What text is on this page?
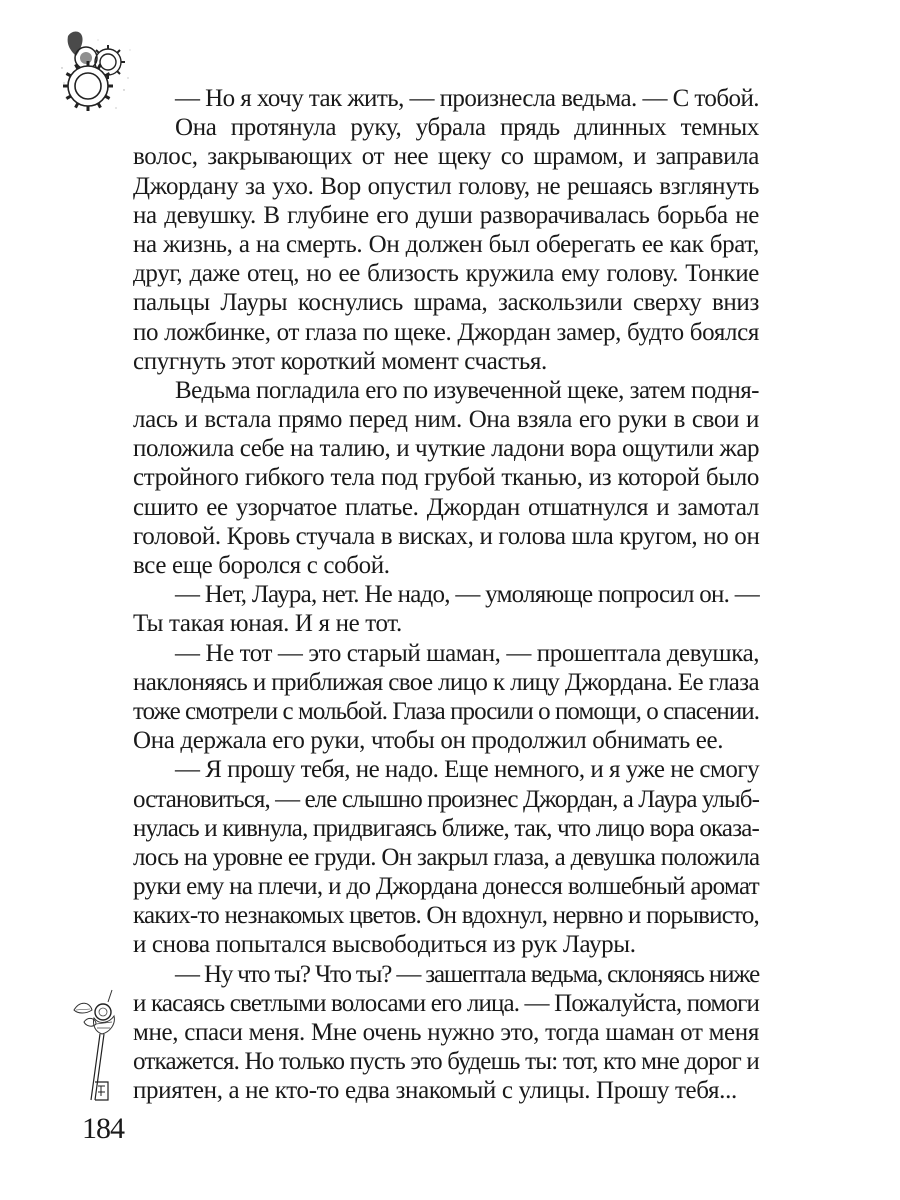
— Но я хочу так жить, — произнесла ведьма. — С тобой.
Она протянула руку, убрала прядь длинных темных
волос, закрывающих от нее щеку со шрамом, и заправила
Джордану за ухо. Вор опустил голову, не решаясь взглянуть
на девушку. В глубине его души разворачивалась борьба не
на жизнь, а на смерть. Он должен был оберегать ее как брат,
друг, даже отец, но ее близость кружила ему голову. Тонкие
пальцы Лауры коснулись шрама, заскользили сверху вниз
по ложбинке, от глаза по щеке. Джордан замер, будто боялся
спугнуть этот короткий момент счастья.
Ведьма погладила его по изувеченной щеке, затем подня-
лась и встала прямо перед ним. Она взяла его руки в свои и
положила себе на талию, и чуткие ладони вора ощутили жар
стройного гибкого тела под грубой тканью, из которой было
сшито ее узорчатое платье. Джордан отшатнулся и замотал
головой. Кровь стучала в висках, и голова шла кругом, но он
все еще боролся с собой.
— Нет, Лаура, нет. Не надо, — умоляюще попросил он. —
Ты такая юная. И я не тот.
— Не тот — это старый шаман, — прошептала девушка,
наклоняясь и приближая свое лицо к лицу Джордана. Ее глаза
тоже смотрели с мольбой. Глаза просили о помощи, о спасении.
Она держала его руки, чтобы он продолжил обнимать ее.
— Я прошу тебя, не надо. Еще немного, и я уже не смогу
остановиться, — еле слышно произнес Джордан, а Лаура улыб-
нулась и кивнула, придвигаясь ближе, так, что лицо вора оказа-
лось на уровне ее груди. Он закрыл глаза, а девушка положила
руки ему на плечи, и до Джордана донесся волшебный аромат
каких-то незнакомых цветов. Он вдохнул, нервно и порывисто,
и снова попытался высвободиться из рук Лауры.
— Ну что ты? Что ты? — зашептала ведьма, склоняясь ниже
и касаясь светлыми волосами его лица. — Пожалуйста, помоги
мне, спаси меня. Мне очень нужно это, тогда шаман от меня
откажется. Но только пусть это будешь ты: тот, кто мне дорог и
приятен, а не кто-то едва знакомый с улицы. Прошу тебя...
184
